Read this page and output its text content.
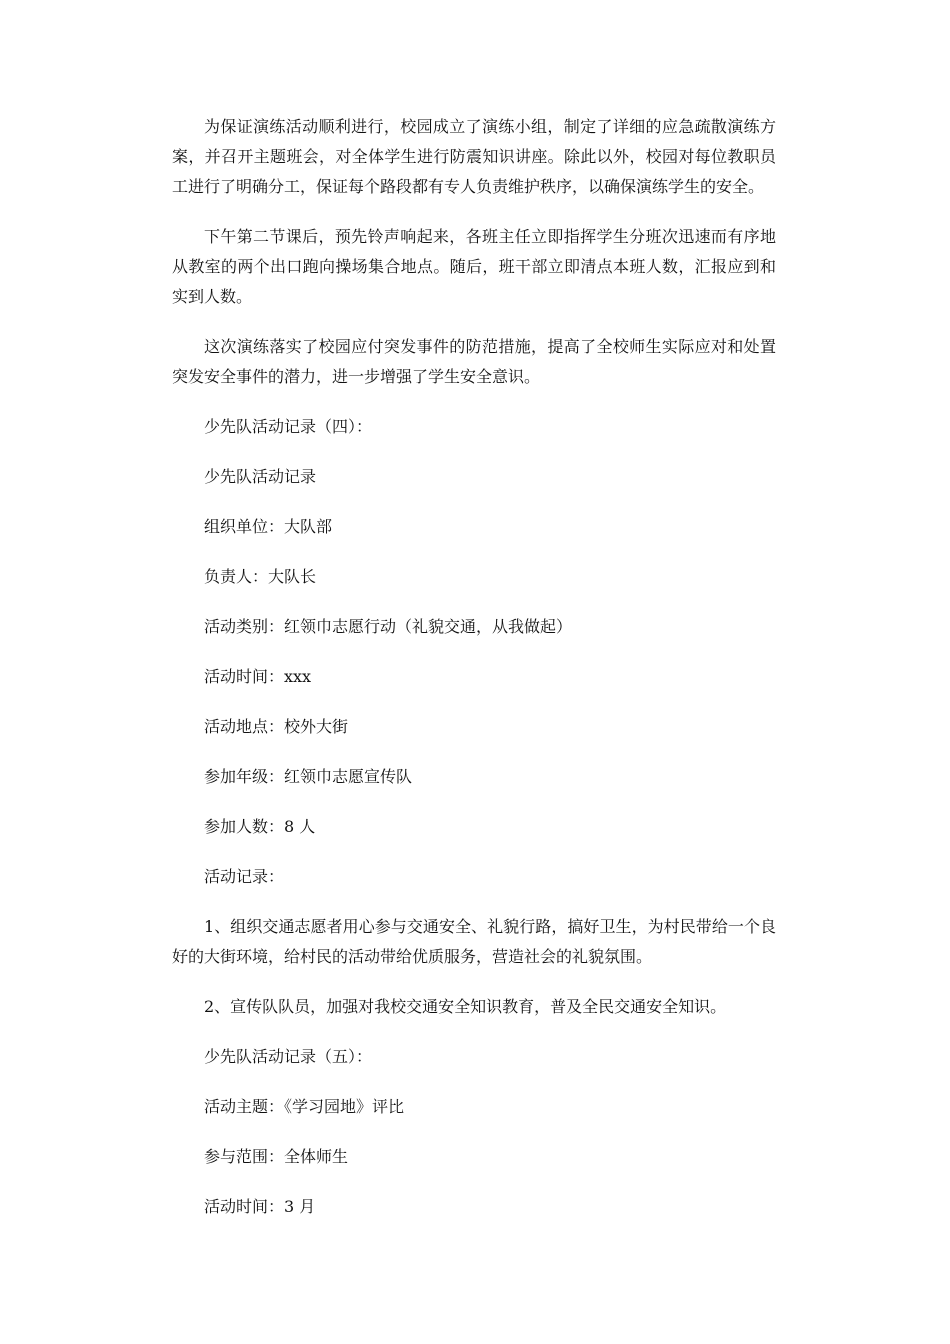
为保证演练活动顺利进行，校园成立了演练小组，制定了详细的应急疏散演练方案，并召开主题班会，对全体学生进行防震知识讲座。除此以外，校园对每位教职员工进行了明确分工，保证每个路段都有专人负责维护秩序，以确保演练学生的安全。

下午第二节课后，预先铃声响起来，各班主任立即指挥学生分班次迅速而有序地从教室的两个出口跑向操场集合地点。随后，班干部立即清点本班人数，汇报应到和实到人数。

这次演练落实了校园应付突发事件的防范措施，提高了全校师生实际应对和处置突发安全事件的潜力，进一步增强了学生安全意识。

少先队活动记录（四）：

少先队活动记录

组织单位：大队部

负责人：大队长

活动类别：红领巾志愿行动（礼貌交通，从我做起）

活动时间：xxx

活动地点：校外大街

参加年级：红领巾志愿宣传队

参加人数：8 人

活动记录：

1、组织交通志愿者用心参与交通安全、礼貌行路，搞好卫生，为村民带给一个良好的大街环境，给村民的活动带给优质服务，营造社会的礼貌氛围。

2、宣传队队员，加强对我校交通安全知识教育，普及全民交通安全知识。

少先队活动记录（五）：

活动主题：《学习园地》评比

参与范围：全体师生

活动时间：3 月
